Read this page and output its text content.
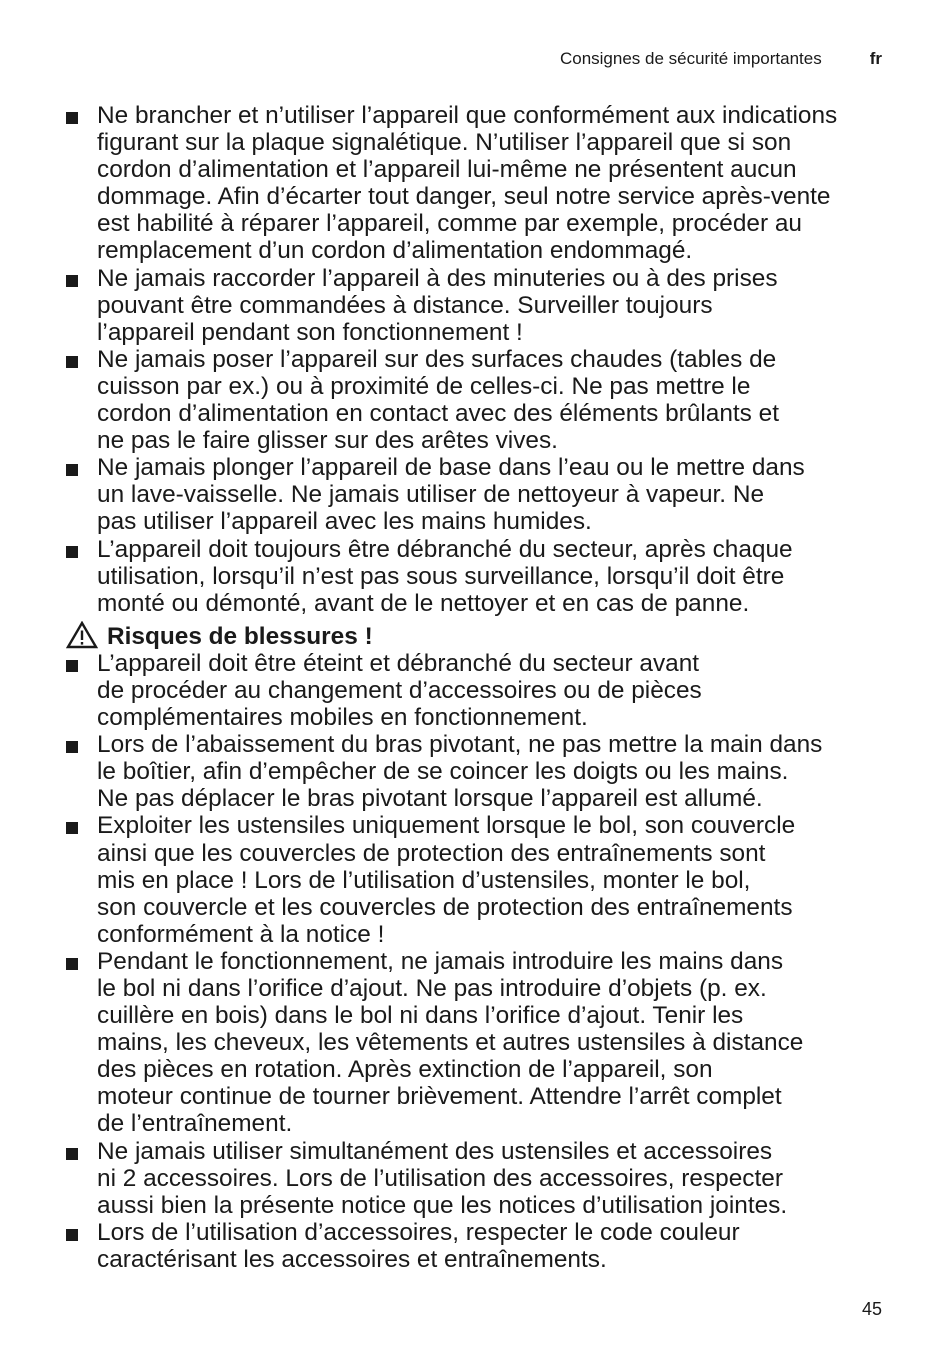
Consignes de sécurité importantes	fr
Ne brancher et n’utiliser l’appareil que conformément aux indications
figurant sur la plaque signalétique. N’utiliser l’appareil que si son
cordon d’alimentation et l’appareil lui-même ne présentent aucun
dommage. Afin d’écarter tout danger, seul notre service après-vente
est habilité à réparer l’appareil, comme par exemple, procéder au
remplacement d’un cordon d’alimentation endommagé.
Ne jamais raccorder l’appareil à des minuteries ou à des prises
pouvant être commandées à distance. Surveiller toujours
l’appareil pendant son fonctionnement !
Ne jamais poser l’appareil sur des surfaces chaudes (tables de
cuisson par ex.) ou à proximité de celles-ci. Ne pas mettre le
cordon d’alimentation en contact avec des éléments brûlants et
ne pas le faire glisser sur des arêtes vives.
Ne jamais plonger l’appareil de base dans l’eau ou le mettre dans
un lave-vaisselle. Ne jamais utiliser de nettoyeur à vapeur. Ne
pas utiliser l’appareil avec les mains humides.
L’appareil doit toujours être débranché du secteur, après chaque
utilisation, lorsqu’il n’est pas sous surveillance, lorsqu’il doit être
monté ou démonté, avant de le nettoyer et en cas de panne.
Risques de blessures !
L’appareil doit être éteint et débranché du secteur avant
de procéder au changement d’accessoires ou de pièces
complémentaires mobiles en fonctionnement.
Lors de l’abaissement du bras pivotant, ne pas mettre la main dans
le boîtier, afin d’empêcher de se coincer les doigts ou les mains.
Ne pas déplacer le bras pivotant lorsque l’appareil est allumé.
Exploiter les ustensiles uniquement lorsque le bol, son couvercle
ainsi que les couvercles de protection des entraînements sont
mis en place ! Lors de l’utilisation d’ustensiles, monter le bol,
son couvercle et les couvercles de protection des entraînements
conformément à la notice !
Pendant le fonctionnement, ne jamais introduire les mains dans
le bol ni dans l’orifice d’ajout. Ne pas introduire d’objets (p. ex.
cuillère en bois) dans le bol ni dans l’orifice d’ajout. Tenir les
mains, les cheveux, les vêtements et autres ustensiles à distance
des pièces en rotation. Après extinction de l’appareil, son
moteur continue de tourner brièvement. Attendre l’arrêt complet
de l’entraînement.
Ne jamais utiliser simultanément des ustensiles et accessoires
ni 2 accessoires. Lors de l’utilisation des accessoires, respecter
aussi bien la présente notice que les notices d’utilisation jointes.
Lors de l’utilisation d’accessoires, respecter le code couleur
caractérisant les accessoires et entraînements.
45
